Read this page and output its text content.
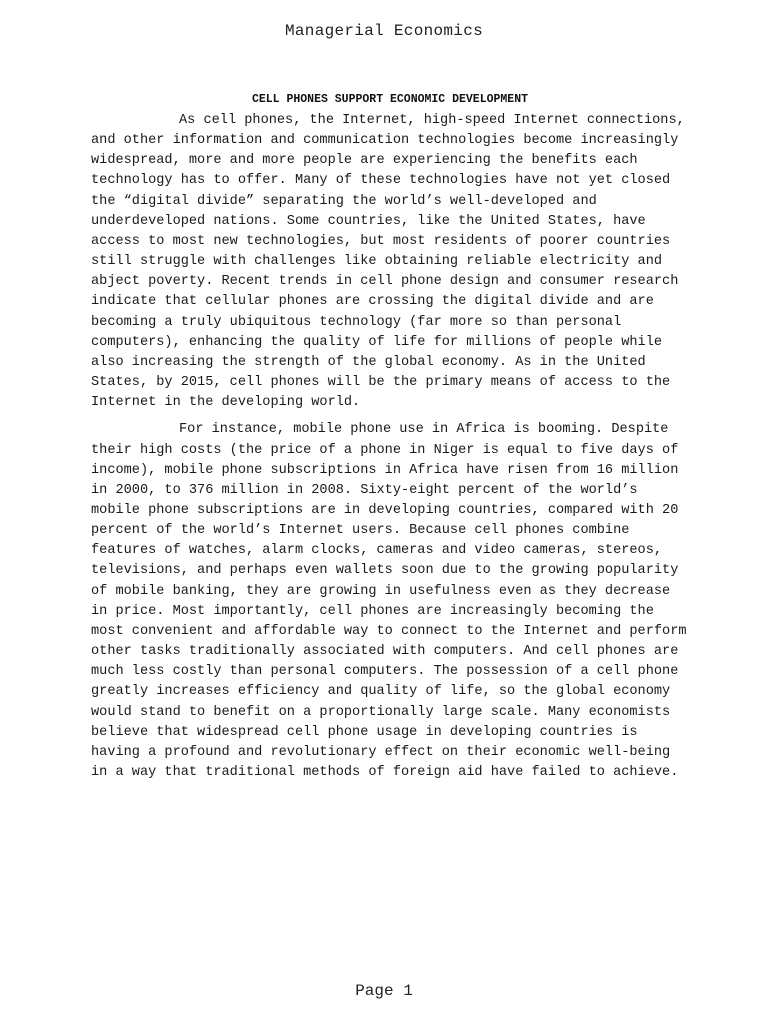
Managerial Economics
CELL PHONES SUPPORT ECONOMIC DEVELOPMENT

As cell phones, the Internet, high-speed Internet connections, and other information and communication technologies become increasingly widespread, more and more people are experiencing the benefits each technology has to offer. Many of these technologies have not yet closed the “digital divide” separating the world’s well-developed and underdeveloped nations. Some countries, like the United States, have access to most new technologies, but most residents of poorer countries still struggle with challenges like obtaining reliable electricity and abject poverty. Recent trends in cell phone design and consumer research indicate that cellular phones are crossing the digital divide and are becoming a truly ubiquitous technology (far more so than personal computers), enhancing the quality of life for millions of people while also increasing the strength of the global economy. As in the United States, by 2015, cell phones will be the primary means of access to the Internet in the developing world.

For instance, mobile phone use in Africa is booming. Despite their high costs (the price of a phone in Niger is equal to five days of income), mobile phone subscriptions in Africa have risen from 16 million in 2000, to 376 million in 2008. Sixty-eight percent of the world’s mobile phone subscriptions are in developing countries, compared with 20 percent of the world’s Internet users. Because cell phones combine features of watches, alarm clocks, cameras and video cameras, stereos, televisions, and perhaps even wallets soon due to the growing popularity of mobile banking, they are growing in usefulness even as they decrease in price. Most importantly, cell phones are increasingly becoming the most convenient and affordable way to connect to the Internet and perform other tasks traditionally associated with computers. And cell phones are much less costly than personal computers. The possession of a cell phone greatly increases efficiency and quality of life, so the global economy would stand to benefit on a proportionally large scale. Many economists believe that widespread cell phone usage in developing countries is having a profound and revolutionary effect on their economic well-being in a way that traditional methods of foreign aid have failed to achieve.

Page 1
